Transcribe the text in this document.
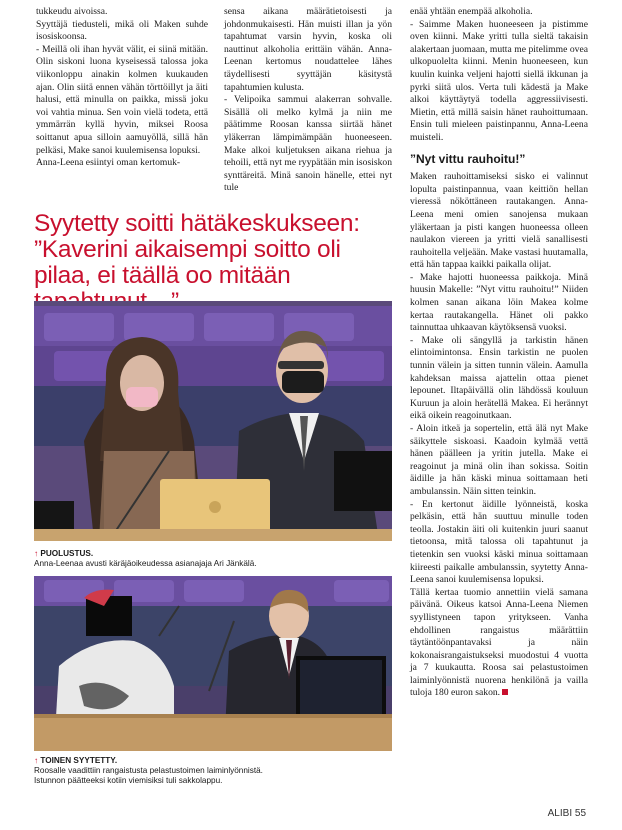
tukkeudu aivoissa.

Syyttäjä tiedusteli, mikä oli Maken suhde isosiskoonsa.

- Meillä oli ihan hyvät välit, ei siinä mitään. Olin siskoni luona kyseisessä talossa joka viikonloppu ainakin kolmen kuukauden ajan. Olin siitä ennen vähän törttöillyt ja äiti halusi, että minulla on paikka, missä joku voi vahtia minua. Sen voin vielä todeta, että ymmärrän kyllä hyvin, miksei Roosa soittanut apua silloin aamuyöllä, sillä hän pelkäsi, Make sanoi kuulemisensa lopuksi.

Anna-Leena esiintyi oman kertomuk-

sensa aikana määrätietoisesti ja johdonmukaisesti. Hän muisti illan ja yön tapahtumat varsin hyvin, koska oli nauttinut alkoholia erittäin vähän. Anna-Leenan kertomus noudattelee lähes täydellisesti syyttäjän käsitystä tapahtumien kulusta.

- Velipoika sammui alakerran sohvalle. Sisällä oli melko kylmä ja niin me päätimme Roosan kanssa siirtää hänet yläkerran lämpimämpään huoneeseen. Make alkoi kuljetuksen aikana riehua ja tehoili, että nyt me ryypätään min isosiskon synttäreitä. Minä sanoin hänelle, ettei nyt tule

enää yhtään enempää alkoholia.

- Saimme Maken huoneeseen ja pistimme oven kiinni. Make yritti tulla sieltä takaisin alakertaan juomaan, mutta me pitelimme ovea ulkopuolelta kiinni. Menin huoneeseen, kun kuulin kuinka veljeni hajotti siellä ikkunan ja pyrki siitä ulos. Verta tuli kädestä ja Make alkoi käyttäytyä todella aggressiivisesti. Mietin, että millä saisin hänet rauhoittumaan. Ensin tuli mieleen paistinpannu, Anna-Leena muisteli.

”Nyt vittu rauhoitu!”

Maken rauhoittamiseksi sisko ei valinnut lopulta paistinpannua, vaan keittiön hellan vieressä nököttäneen rautakangen. Anna-Leena meni omien sanojensa mukaan yläkertaan ja pisti kangen huoneessa olleen naulakon viereen ja yritti vielä sanallisesti rauhoitella veljeään. Make vastasi huutamalla, että hän tappaa kaikki paikalla olijat.

- Make hajotti huoneessa paikkoja. Minä huusin Makelle: ”Nyt vittu rauhoitu!” Niiden kolmen sanan aikana löin Makea kolme kertaa rautakangella. Hänet oli pakko tainnuttaa uhkaavan käytöksensä vuoksi.

- Make oli sängyllä ja tarkistin hänen elintoimintonsa. Ensin tarkistin ne puolen tunnin välein ja sitten tunnin välein. Aamulla kahdeksan maissa ajattelin ottaa pienet lepounet. Iltapäivällä olin lähdössä kouluun Kuruun ja aloin herätellä Makea. Ei herännyt eikä oikein reagoinutkaan.

- Aloin itkeä ja sopertelin, että älä nyt Make säikyttele siskoasi. Kaadoin kylmää vettä hänen päälleen ja yritin jutella. Make ei reagoinut ja minä olin ihan sokissa. Soitin äidille ja hän käski minua soittamaan heti ambulanssin. Näin sitten teinkin.

- En kertonut äidille lyönneistä, koska pelkäsin, että hän suuttuu minulle toden teolla. Jostakin äiti oli kuitenkin juuri saanut tietoonsa, mitä talossa oli tapahtunut ja tietenkin sen vuoksi käski minua soittamaan kiireesti paikalle ambulanssin, syytetty Anna-Leena sanoi kuulemisensa lopuksi.

Tällä kertaa tuomio annettiin vielä samana päivänä. Oikeus katsoi Anna-Leena Niemen syyllistyneen tapon yritykseen. Vanha ehdollinen rangaistus määrättiin täytäntöönpantavaksi ja näin kokonaisrangaistukseksi muodostui 4 vuotta ja 7 kuukautta. Roosa sai pelastustoimen laiminlyönnistä nuorena henkilönä ja vailla tuloja 180 euron sakon.

Syytetty soitti hätäkeskukseen: ”Kaverini aikaisempi soitto oli pilaa, ei täällä oo mitään
↑ PUOLUSTUS.
Anna-Leenaa avusti käräjäoikeudessa asianajaja Ari Jänkälä.
↑ TOINEN SYYTETTY.
Roosalle vaadittiin rangaistusta pelastustoimen laiminlyönnistä.
Istunnon päätteeksi kotiin viemisiksi tuli sakkolappu.
ALIBI 55
